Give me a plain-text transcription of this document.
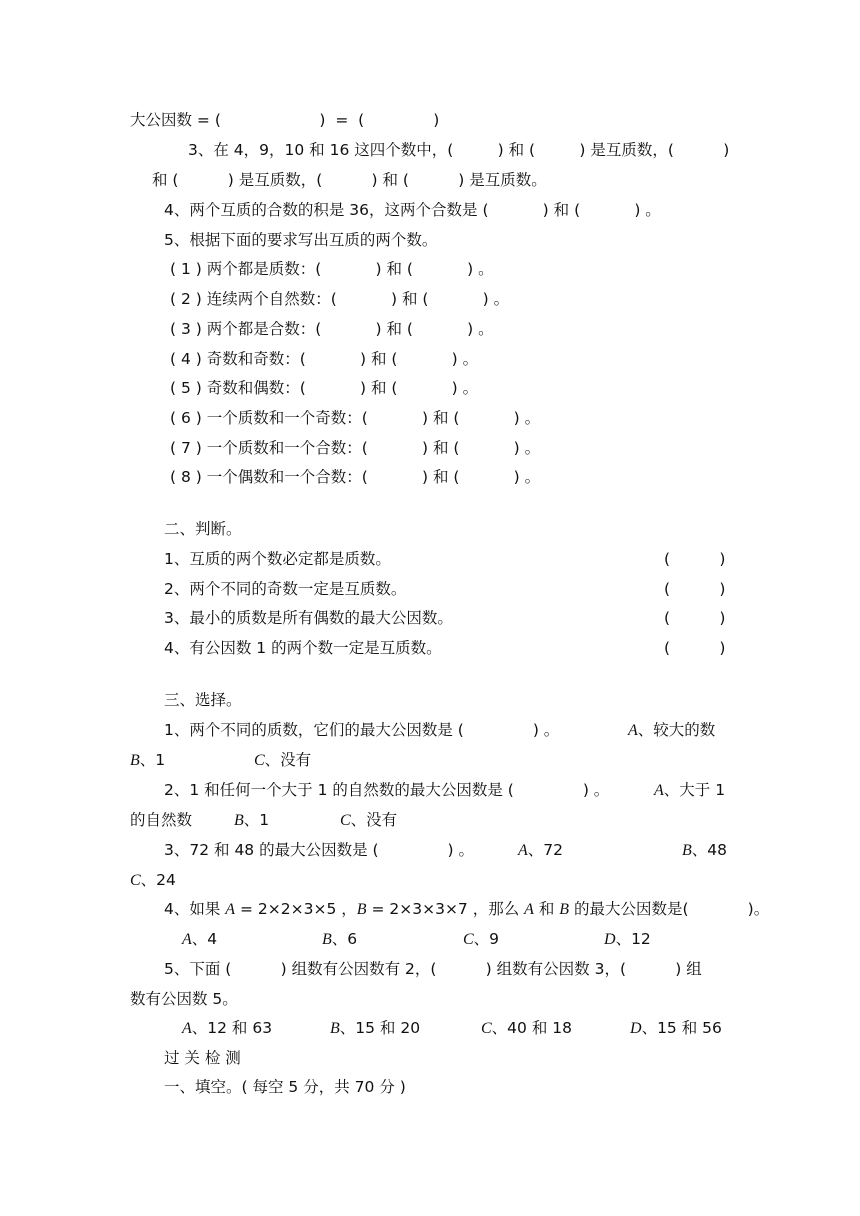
大公因数 = (                    )  =  (              )
3、在 4，9，10 和 16 这四个数中，(         ) 和 (         ) 是互质数，(          )
和 (          ) 是互质数，(          ) 和 (          ) 是互质数。
4、两个互质的合数的积是 36，这两个合数是 (           ) 和 (           ) 。
5、根据下面的要求写出互质的两个数。
( 1 ) 两个都是质数：(           ) 和 (           ) 。
( 2 ) 连续两个自然数：(           ) 和 (           ) 。
( 3 ) 两个都是合数：(           ) 和 (           ) 。
( 4 ) 奇数和奇数：(           ) 和 (           ) 。
( 5 ) 奇数和偶数：(           ) 和 (           ) 。
( 6 ) 一个质数和一个奇数：(           ) 和 (           ) 。
( 7 ) 一个质数和一个合数：(           ) 和 (           ) 。
( 8 ) 一个偶数和一个合数：(           ) 和 (           ) 。
二、判断。
1、互质的两个数必定都是质数。	(          )
2、两个不同的奇数一定是互质数。	(          )
3、最小的质数是所有偶数的最大公因数。	(          )
4、有公因数 1 的两个数一定是互质数。	(          )
三、选择。
1、两个不同的质数，它们的最大公因数是 (              ) 。	A、较大的数
B、1	C、没有
2、1 和任何一个大于 1 的自然数的最大公因数是 (              ) 。	A、大于 1
的自然数	B、1	C、没有
3、72 和 48 的最大公因数是 (              ) 。	A、72	B、48
C、24
4、如果 A = 2×2×3×5 ，B = 2×3×3×7 ，那么 A 和 B 的最大公因数是(            )。
A、4	B、6	C、9	D、12
5、下面 (          ) 组数有公因数有 2，(          ) 组数有公因数 3，(          ) 组
数有公因数 5。
A、12 和 63	B、15 和 20	C、40 和 18	D、15 和 56
过 关 检 测
一、填空。( 每空 5 分，共 70 分 )
